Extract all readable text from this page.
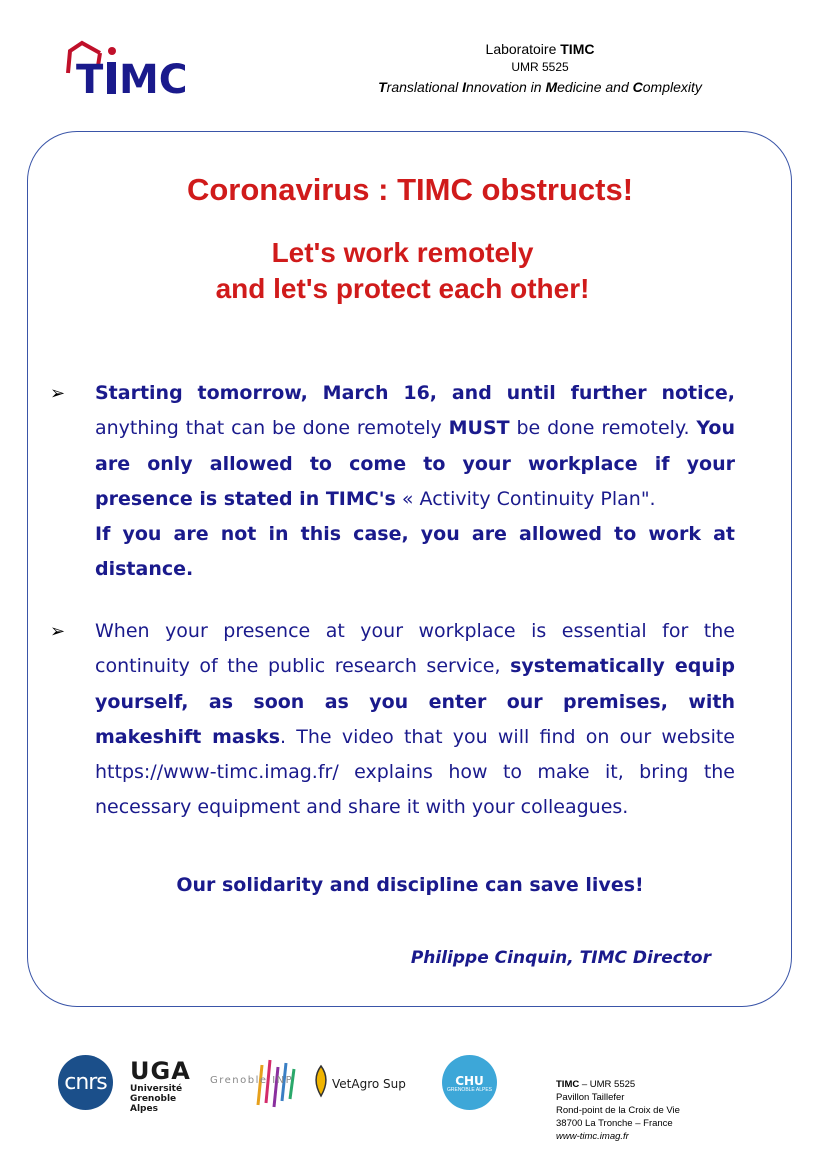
T MC
Laboratoire TIMC
UMR 5525
Translational Innovation in Medicine and Complexity
Coronavirus : TIMC obstructs!
Let's work remotely
and let's protect each other!
➢	Starting tomorrow, March 16, and until further notice, anything that can be done remotely MUST be done remotely. You are only allowed to come to your workplace if your presence is stated in TIMC's « Activity Continuity Plan".
If you are not in this case, you are allowed to work at distance.
➢	When your presence at your workplace is essential for the continuity of the public research service, systematically equip yourself, as soon as you enter our premises, with makeshift masks. The video that you will find on our website https://www-timc.imag.fr/ explains how to make it, bring the necessary equipment and share it with your colleagues.
Our solidarity and discipline can save lives!
Philippe Cinquin, TIMC Director
cnrs UGA
Université
Grenoble Alpes
Grenoble INP	VetAgro Sup	CHU
GRENOBLE ALPES	TIMC – UMR 5525
Pavillon Taillefer
Rond-point de la Croix de Vie
38700 La Tronche – France
www-timc.imag.fr
